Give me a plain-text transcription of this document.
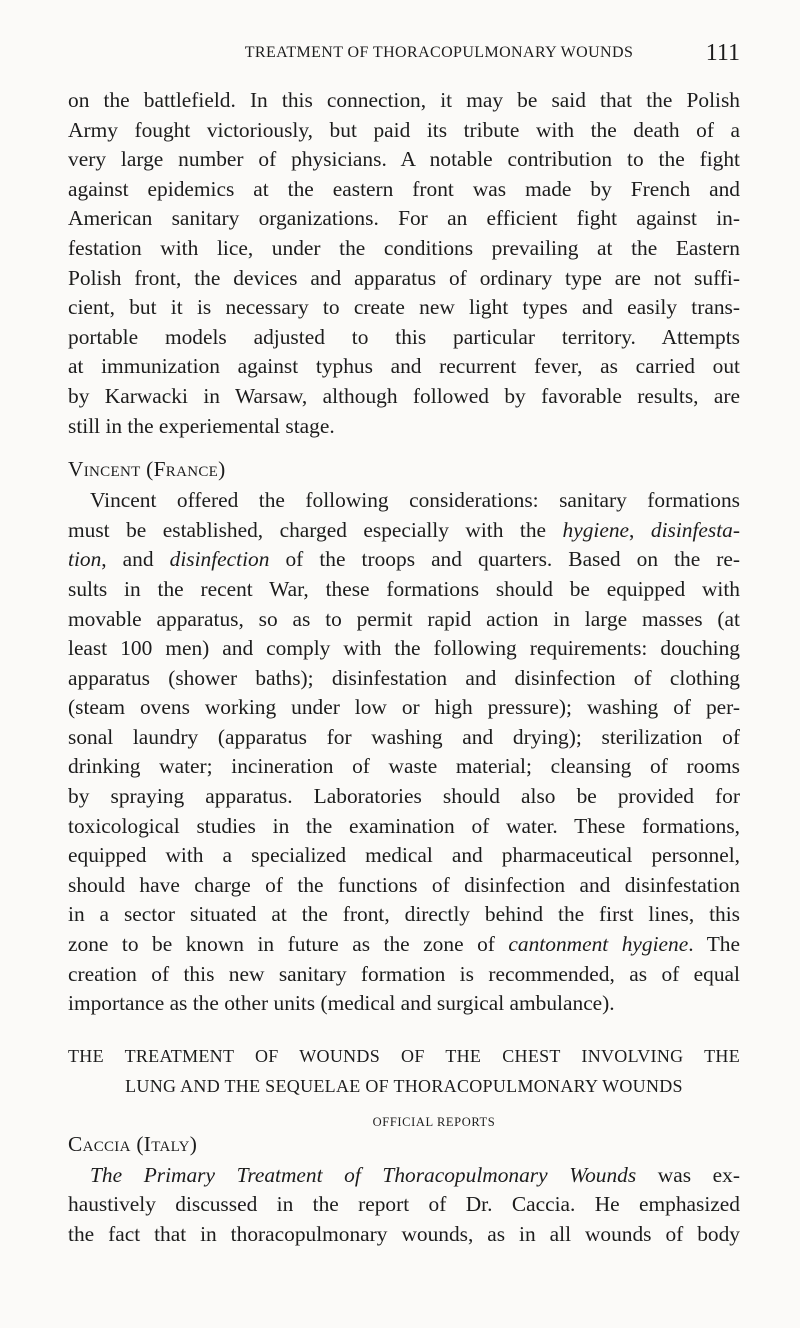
TREATMENT OF THORACOPULMONARY WOUNDS	111

on the battlefield. In this connection, it may be said that the Polish
Army fought victoriously, but paid its tribute with the death of a
very large number of physicians. A notable contribution to the fight
against epidemics at the eastern front was made by French and
American sanitary organizations. For an efficient fight against in-
festation with lice, under the conditions prevailing at the Eastern
Polish front, the devices and apparatus of ordinary type are not suffi-
cient, but it is necessary to create new light types and easily trans-
portable models adjusted to this particular territory. Attempts
at immunization against typhus and recurrent fever, as carried out
by Karwacki in Warsaw, although followed by favorable results, are
still in the experiemental stage.

Vincent (France)

Vincent offered the following considerations: sanitary formations
must be established, charged especially with the hygiene, disinfesta-
tion, and disinfection of the troops and quarters. Based on the re-
sults in the recent War, these formations should be equipped with
movable apparatus, so as to permit rapid action in large masses (at
least 100 men) and comply with the following requirements: douching
apparatus (shower baths); disinfestation and disinfection of clothing
(steam ovens working under low or high pressure); washing of per-
sonal laundry (apparatus for washing and drying); sterilization of
drinking water; incineration of waste material; cleansing of rooms
by spraying apparatus. Laboratories should also be provided for
toxicological studies in the examination of water. These formations,
equipped with a specialized medical and pharmaceutical personnel,
should have charge of the functions of disinfection and disinfestation
in a sector situated at the front, directly behind the first lines, this
zone to be known in future as the zone of cantonment hygiene. The
creation of this new sanitary formation is recommended, as of equal
importance as the other units (medical and surgical ambulance).

THE TREATMENT OF WOUNDS OF THE CHEST INVOLVING THE
LUNG AND THE SEQUELAE OF THORACOPULMONARY WOUNDS
OFFICIAL REPORTS
Caccia (Italy)

The Primary Treatment of Thoracopulmonary Wounds was ex-
haustively discussed in the report of Dr. Caccia. He emphasized
the fact that in thoracopulmonary wounds, as in all wounds of body
